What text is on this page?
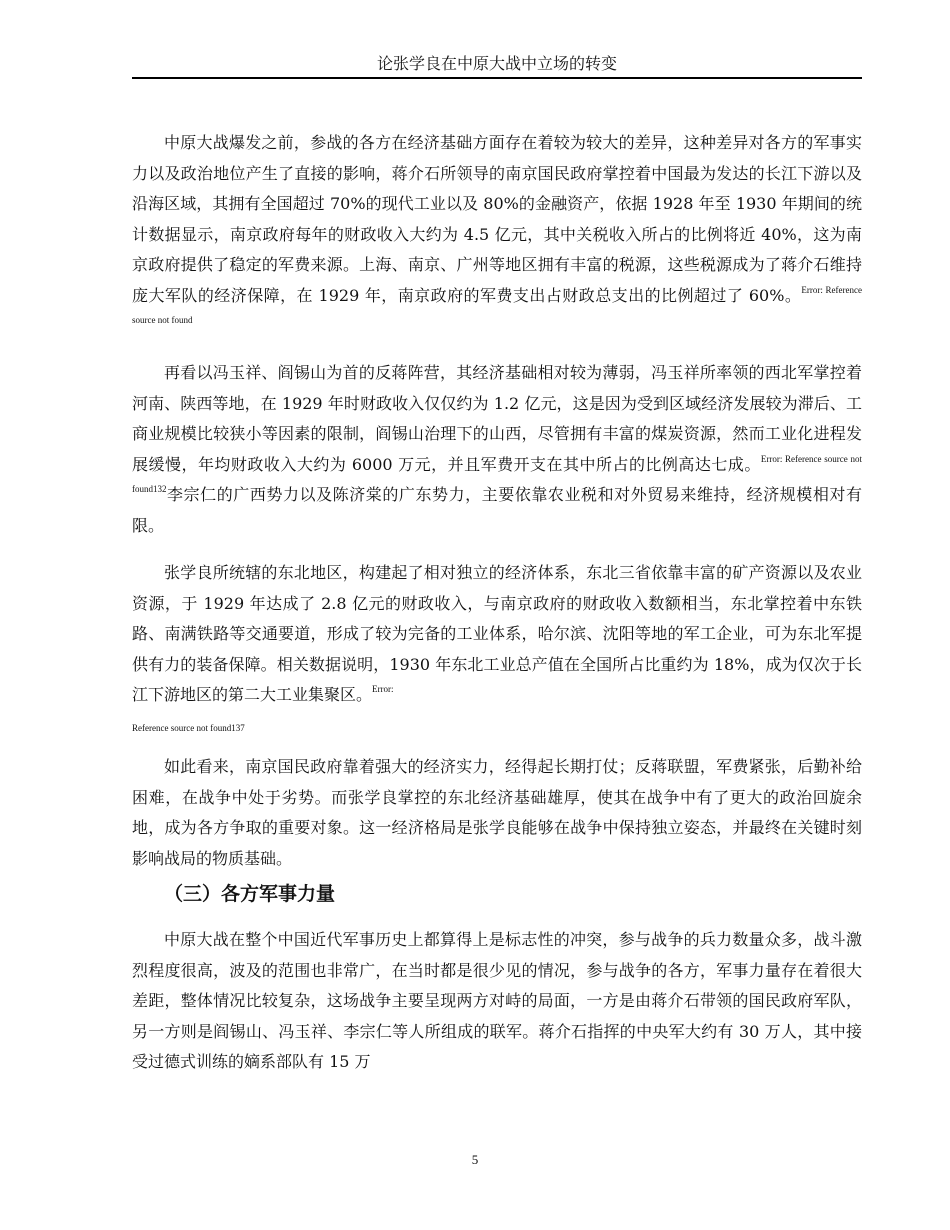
论张学良在中原大战中立场的转变

中原大战爆发之前，参战的各方在经济基础方面存在着较为较大的差异，这种差异对各方的军事实力以及政治地位产生了直接的影响，蒋介石所领导的南京国民政府掌控着中国最为发达的长江下游以及沿海区域，其拥有全国超过 70%的现代工业以及 80%的金融资产，依据 1928 年至 1930 年期间的统计数据显示，南京政府每年的财政收入大约为 4.5 亿元，其中关税收入所占的比例将近 40%，这为南京政府提供了稳定的军费来源。上海、南京、广州等地区拥有丰富的税源，这些税源成为了蒋介石维持庞大军队的经济保障，在 1929 年，南京政府的军费支出占财政总支出的比例超过了 60%。$^{Error: Reference source not found}$

再看以冯玉祥、阎锡山为首的反蒋阵营，其经济基础相对较为薄弱，冯玉祥所率领的西北军掌控着河南、陕西等地，在 1929 年时财政收入仅仅约为 1.2 亿元，这是因为受到区域经济发展较为滞后、工商业规模比较狭小等因素的限制，阎锡山治理下的山西，尽管拥有丰富的煤炭资源，然而工业化进程发展缓慢，年均财政收入大约为 6000 万元，并且军费开支在其中所占的比例高达七成。$^{Error: Reference source not found132}$李宗仁的广西势力以及陈济棠的广东势力，主要依靠农业税和对外贸易来维持，经济规模相对有限。

张学良所统辖的东北地区，构建起了相对独立的经济体系，东北三省依靠丰富的矿产资源以及农业资源，于 1929 年达成了 2.8 亿元的财政收入，与南京政府的财政收入数额相当，东北掌控着中东铁路、南满铁路等交通要道，形成了较为完备的工业体系，哈尔滨、沈阳等地的军工企业，可为东北军提供有力的装备保障。相关数据说明，1930 年东北工业总产值在全国所占比重约为 18%，成为仅次于长江下游地区的第二大工业集聚区。$^{Error:}$

Reference source not found137

如此看来，南京国民政府靠着强大的经济实力，经得起长期打仗；反蒋联盟，军费紧张，后勤补给困难，在战争中处于劣势。而张学良掌控的东北经济基础雄厚，使其在战争中有了更大的政治回旋余地，成为各方争取的重要对象。这一经济格局是张学良能够在战争中保持独立姿态，并最终在关键时刻影响战局的物质基础。

（三）各方军事力量

中原大战在整个中国近代军事历史上都算得上是标志性的冲突，参与战争的兵力数量众多，战斗激烈程度很高，波及的范围也非常广，在当时都是很少见的情况，参与战争的各方，军事力量存在着很大差距，整体情况比较复杂，这场战争主要呈现两方对峙的局面，一方是由蒋介石带领的国民政府军队，另一方则是阎锡山、冯玉祥、李宗仁等人所组成的联军。蒋介石指挥的中央军大约有 30 万人，其中接受过德式训练的嫡系部队有 15 万

5
